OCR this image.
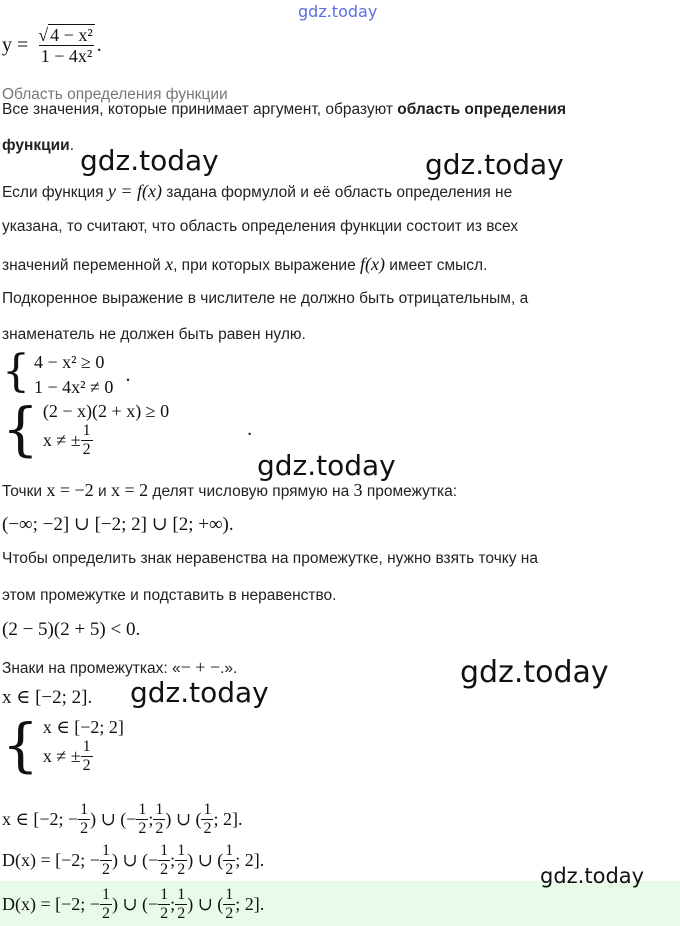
gdz.today
$y = \frac{\text{√ 4 − x²}}{\text{1 − 4x²}}$ .
Область определения функции
Все значения, которые принимает аргумент, образуют область определения
функции. gdz.today	gdz.today
Если функция y = f(x) задана формулой и её область определения не
указана, то считают, что область определения функции состоит из всех
значений переменной x, при которых выражение f(x) имеет смысл.
Подкоренное выражение в числителе не должно быть отрицательным, а
знаменатель не должен быть равен нулю.
{ 4 − x² ≥ 0
1 − 4x² ≠ 0
.
{ (2 − x)(2 + x) ≥ 0
x ≠ ± $\frac{1}{2}$	.
gdz.today
Точки x = −2 и x = 2 делят числовую прямую на 3 промежутка:
(−∞; −2] ∪ [−2; 2] ∪ [2; +∞).
Чтобы определить знак неравенства на промежутке, нужно взять точку на
этом промежутке и подставить в неравенство.
(2 − 5)(2 + 5) < 0.
Знаки на промежутках: «− + −.».	gdz.today
x ∈ [−2; 2]. gdz.today
{ x ∈ [−2; 2]
x ≠ ± $\frac{1}{2}$
x ∈ [−2; − $\frac{1}{2}$ ) ∪ (− $\frac{1}{2}$ ; $\frac{1}{2}$ ) ∪ ( $\frac{1}{2}$ ; 2].
D(x) = [−2; − $\frac{1}{2}$ ) ∪ (− $\frac{1}{2}$ ; $\frac{1}{2}$ ) ∪ ( $\frac{1}{2}$ ; 2].
gdz.today
D(x) = [−2; − $\frac{1}{2}$ ) ∪ (− $\frac{1}{2}$ ; $\frac{1}{2}$ ) ∪ ( $\frac{1}{2}$ ; 2].
